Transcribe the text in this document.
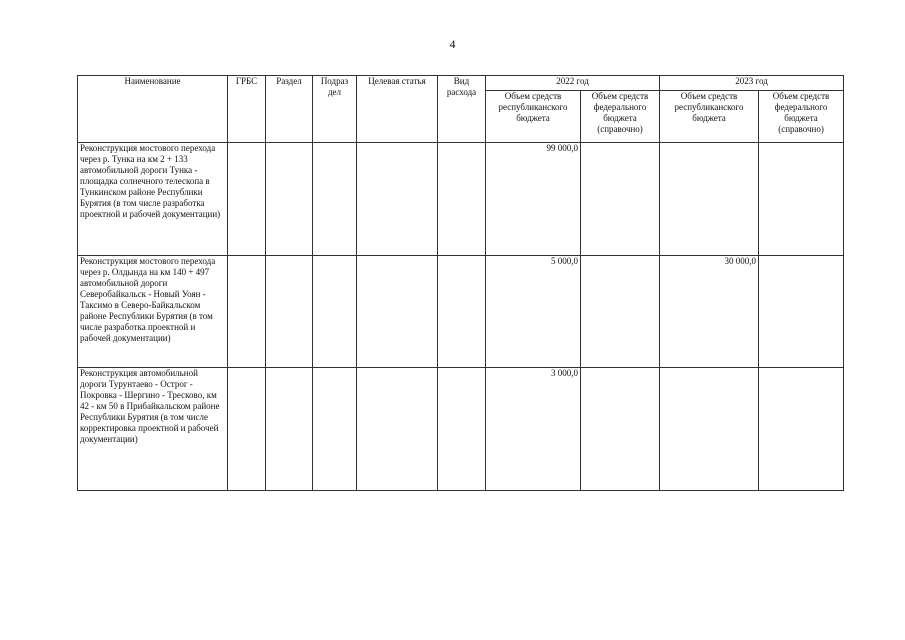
4
Наименование	ГРБС	Раздел	Подраз дел	Целевая статья	Вид расхода	2022 год		2023 год	
						Объем средств республиканского бюджета	Объем средств федерального бюджета (справочно)	Объем средств республиканского бюджета	Объем средств федерального бюджета (справочно)
Реконструкция мостового перехода через р. Тунка на км 2 + 133 автомобильной дороги Тунка - площадка солнечного телескопа в Тункинском районе Республики Бурятия (в том числе разработка проектной и рабочей документации)						99 000,0			
Реконструкция мостового перехода через р. Олдында на км 140 + 497 автомобильной дороги Северобайкальск - Новый Уоян - Таксимо в Северо-Байкальском районе Республики Бурятия (в том числе разработка проектной и рабочей документации)						5 000,0		30 000,0	
Реконструкция автомобильной дороги Турунтаево - Острог - Покровка - Шергино - Тресково, км 42 - км 50 в Прибайкальском районе Республики Бурятия (в том числе корректировка проектной и рабочей документации)						3 000,0			
